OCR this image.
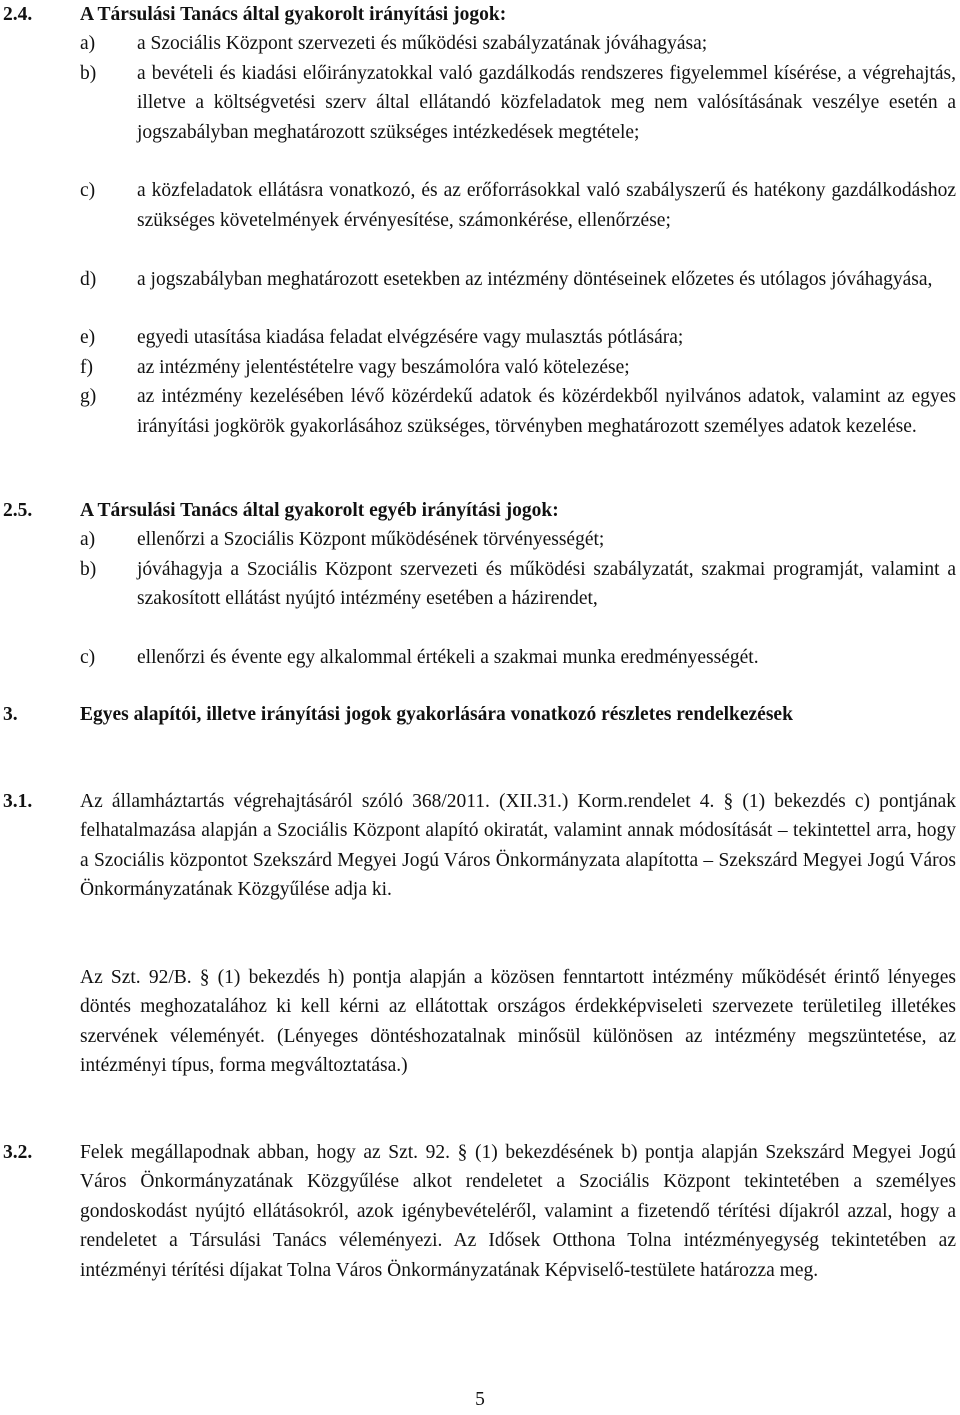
2.4. A Társulási Tanács által gyakorolt irányítási jogok:
a) a Szociális Központ szervezeti és működési szabályzatának jóváhagyása;
b) a bevételi és kiadási előirányzatokkal való gazdálkodás rendszeres figyelemmel kísérése, a végrehajtás, illetve a költségvetési szerv által ellátandó közfeladatok meg nem valósításának veszélye esetén a jogszabályban meghatározott szükséges intézkedések megtétele;
c) a közfeladatok ellátásra vonatkozó, és az erőforrásokkal való szabályszerű és hatékony gazdálkodáshoz szükséges követelmények érvényesítése, számonkérése, ellenőrzése;
d) a jogszabályban meghatározott esetekben az intézmény döntéseinek előzetes és utólagos jóváhagyása,
e) egyedi utasítása kiadása feladat elvégzésére vagy mulasztás pótlására;
f) az intézmény jelentéstételre vagy beszámolóra való kötelezése;
g) az intézmény kezelésében lévő közérdekű adatok és közérdekből nyilvános adatok, valamint az egyes irányítási jogkörök gyakorlásához szükséges, törvényben meghatározott személyes adatok kezelése.
2.5. A Társulási Tanács által gyakorolt egyéb irányítási jogok:
a) ellenőrzi a Szociális Központ működésének törvényességét;
b) jóváhagyja a Szociális Központ szervezeti és működési szabályzatát, szakmai programját, valamint a szakosított ellátást nyújtó intézmény esetében a házirendet,
c) ellenőrzi és évente egy alkalommal értékeli a szakmai munka eredményességét.
3.	Egyes alapítói, illetve irányítási jogok gyakorlására vonatkozó részletes rendelkezések
3.1. Az államháztartás végrehajtásáról szóló 368/2011. (XII.31.) Korm.rendelet 4. § (1) bekezdés c) pontjának felhatalmazása alapján a Szociális Központ alapító okiratát, valamint annak módosítását – tekintettel arra, hogy a Szociális központot Szekszárd Megyei Jogú Város Önkormányzata alapította – Szekszárd Megyei Jogú Város Önkormányzatának Közgyűlése adja ki.
Az Szt. 92/B. § (1) bekezdés h) pontja alapján a közösen fenntartott intézmény működését érintő lényeges döntés meghozatalához ki kell kérni az ellátottak országos érdekképviseleti szervezete területileg illetékes szervének véleményét. (Lényeges döntéshozatalnak minősül különösen az intézmény megszüntetése, az intézményi típus, forma megváltoztatása.)
3.2. Felek megállapodnak abban, hogy az Szt. 92. § (1) bekezdésének b) pontja alapján Szekszárd Megyei Jogú Város Önkormányzatának Közgyűlése alkot rendeletet a Szociális Központ tekintetében a személyes gondoskodást nyújtó ellátásokról, azok igénybevételéről, valamint a fizetendő térítési díjakról azzal, hogy a rendeletet a Társulási Tanács véleményezi. Az Idősek Otthona Tolna intézményegység tekintetében az intézményi térítési díjakat Tolna Város Önkormányzatának Képviselő-testülete határozza meg.
5
